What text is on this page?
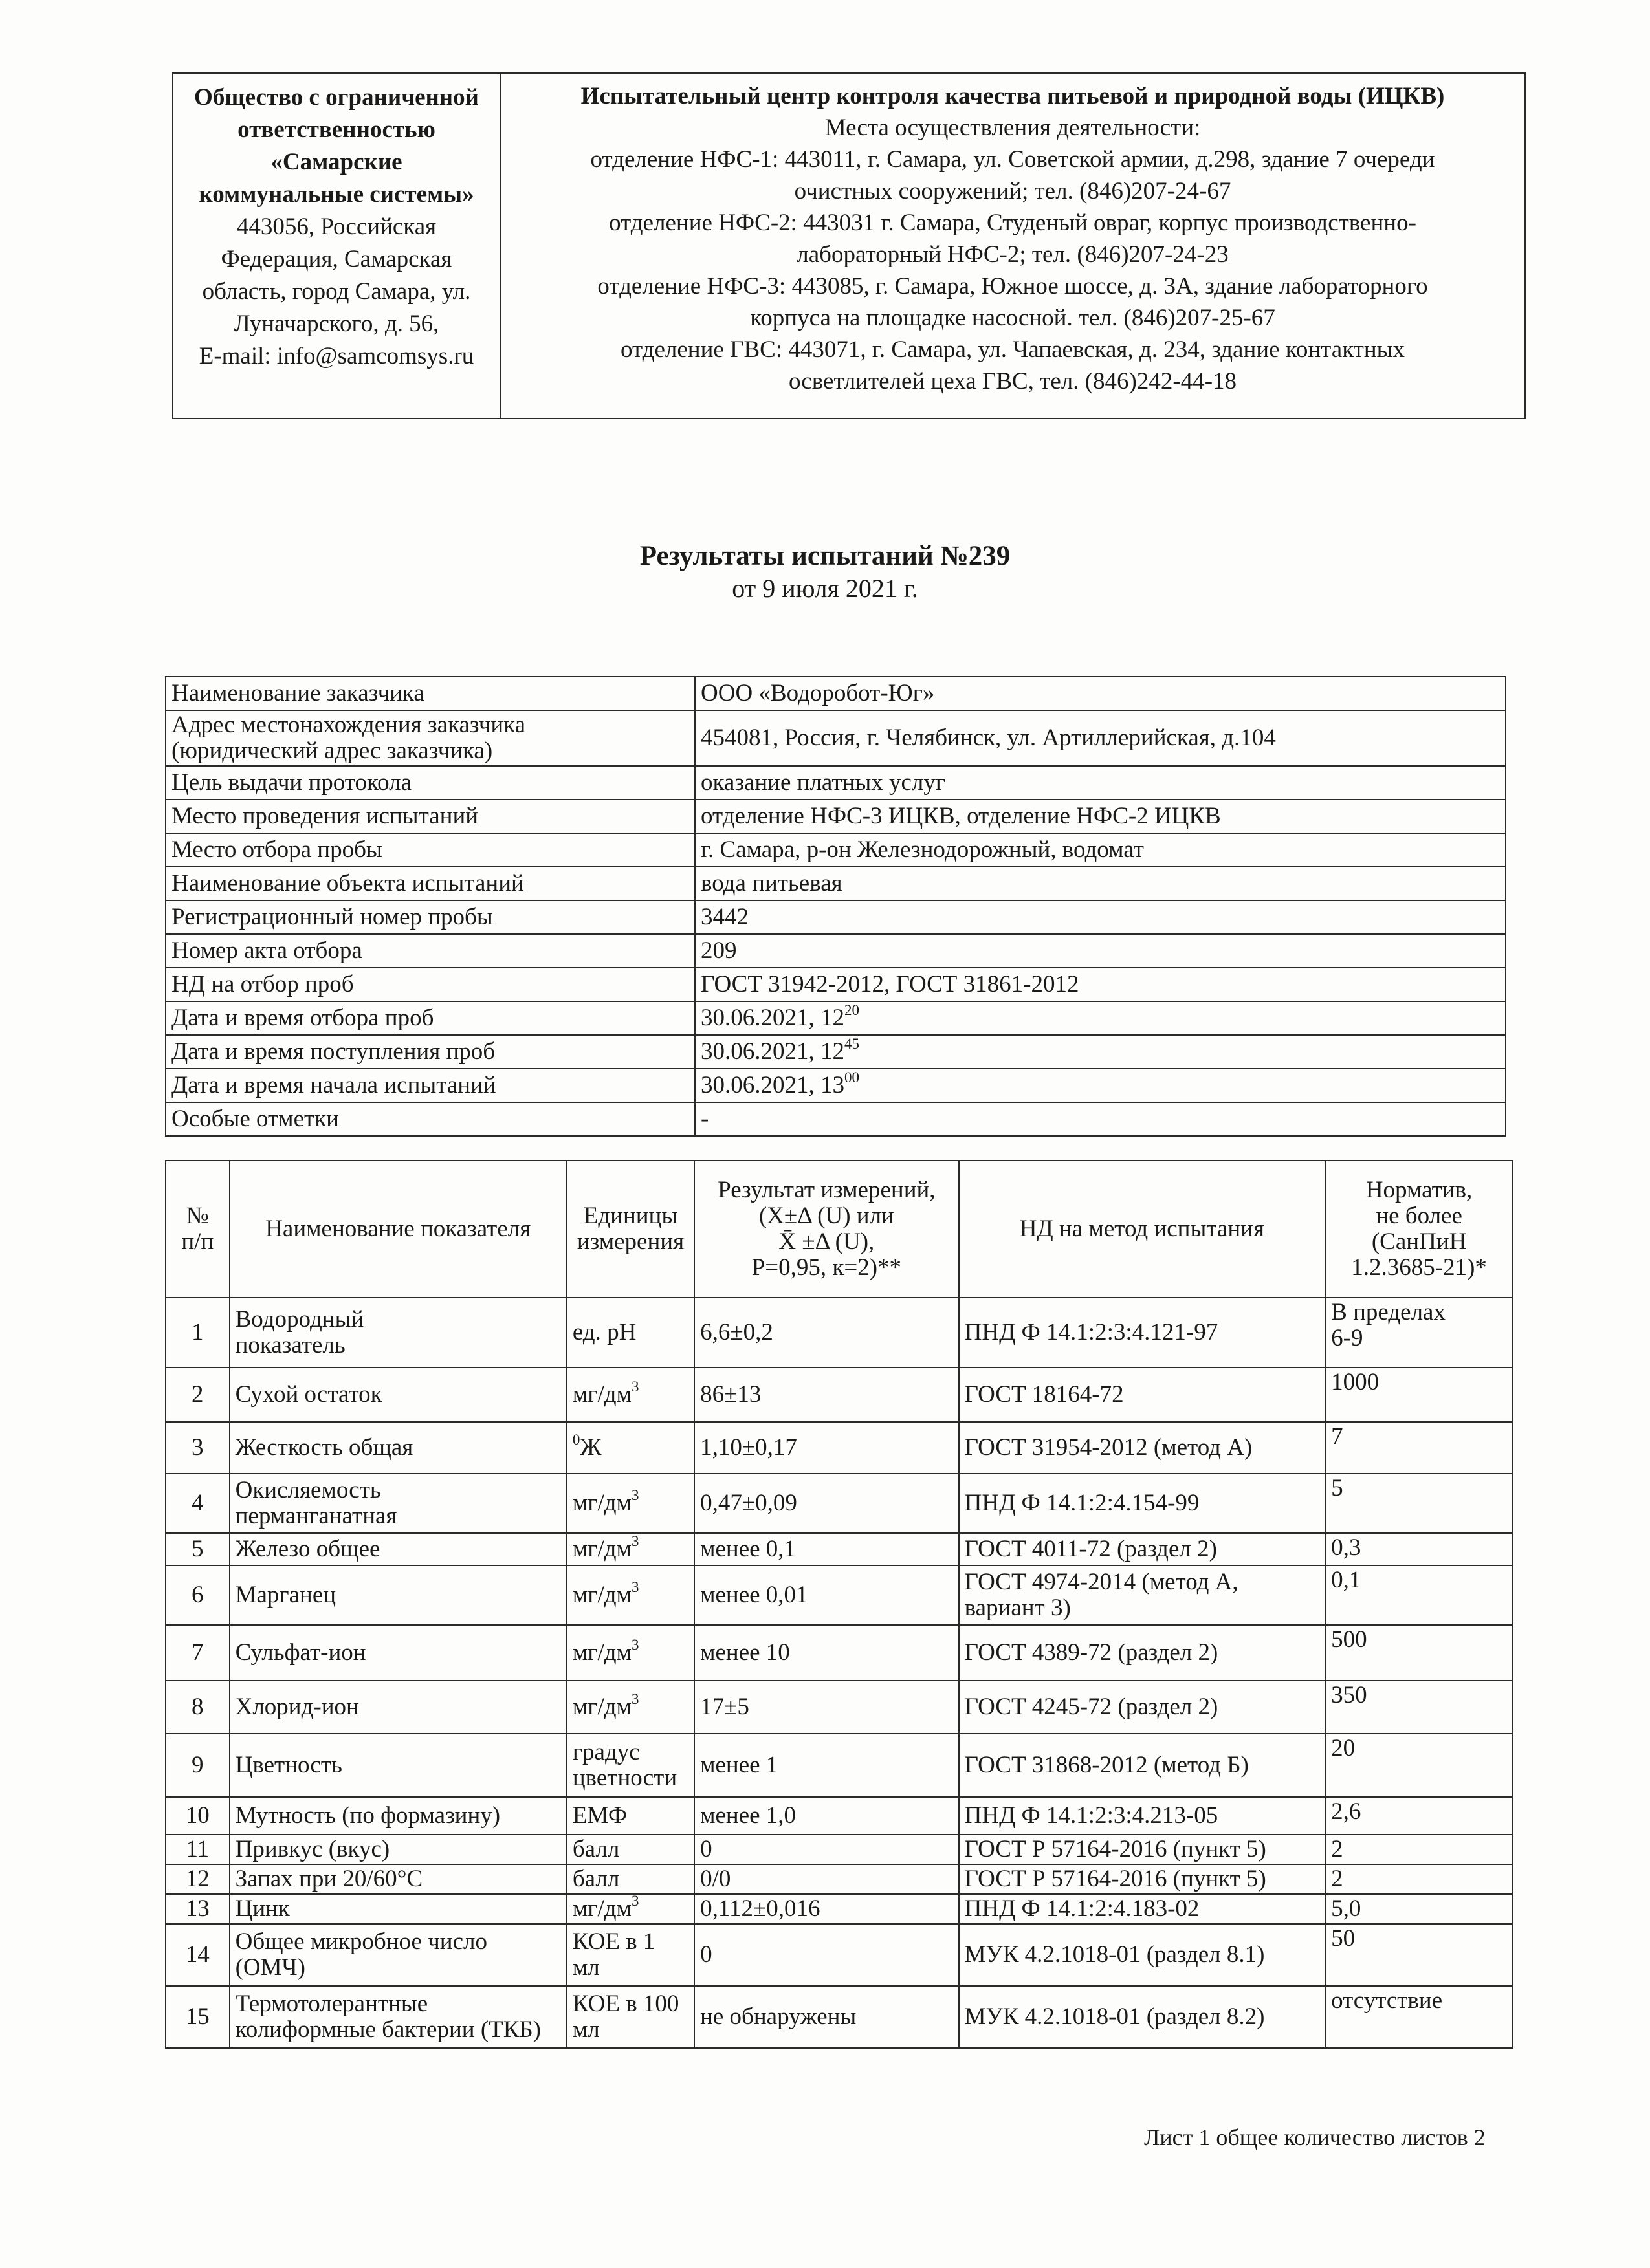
Общество с ограниченной
ответственностью
«Самарские
коммунальные системы»
443056, Российская
Федерация, Самарская
область, город Самара, ул.
Луначарского, д. 56,
E-mail: info@samcomsys.ru

Испытательный центр контроля качества питьевой и природной воды (ИЦКВ)
Места осуществления деятельности:
отделение НФС-1: 443011, г. Самара, ул. Советской армии, д.298, здание 7 очереди
очистных сооружений; тел. (846)207-24-67
отделение НФС-2: 443031 г. Самара, Студеный овраг, корпус производственно-
лабораторный НФС-2; тел. (846)207-24-23
отделение НФС-3: 443085, г. Самара, Южное шоссе, д. 3А, здание лабораторного
корпуса на площадке насосной. тел. (846)207-25-67
отделение ГВС: 443071, г. Самара, ул. Чапаевская, д. 234, здание контактных
осветлителей цеха ГВС, тел. (846)242-44-18
Результаты испытаний №239
от 9 июля 2021 г.
Наименование заказчика	ООО «Водоробот-Юг»
Адрес местонахождения заказчика
(юридический адрес заказчика)	454081, Россия, г. Челябинск, ул. Артиллерийская, д.104
Цель выдачи протокола	оказание платных услуг
Место проведения испытаний	отделение НФС-3 ИЦКВ, отделение НФС-2 ИЦКВ
Место отбора пробы	г. Самара, р-он Железнодорожный, водомат
Наименование объекта испытаний	вода питьевая
Регистрационный номер пробы	3442
Номер акта отбора	209
НД на отбор проб	ГОСТ 31942-2012, ГОСТ 31861-2012
Дата и время отбора проб	30.06.2021, $12^{20}$
Дата и время поступления проб	30.06.2021, $12^{45}$
Дата и время начала испытаний	30.06.2021, $13^{00}$
Особые отметки	-
№
п/п	Наименование показателя	Единицы
измерения	Результат измерений,
(Х±Δ (U) или
X̄ ±Δ (U),
Р=0,95, к=2)**	НД на метод испытания	Норматив,
не более
(СанПиН
1.2.3685-21)*
1	Водородный
показатель	ед. рН	6,6±0,2	ПНД Ф 14.1:2:3:4.121-97	В пределах
6-9
2	Сухой остаток	$мг/дм^3$	86±13	ГОСТ 18164-72	1000
3	Жесткость общая	$^0$Ж	1,10±0,17	ГОСТ 31954-2012 (метод А)	7
4	Окисляемость
перманганатная	$мг/дм^3$	0,47±0,09	ПНД Ф 14.1:2:4.154-99	5
5	Железо общее	$мг/дм^3$	менее 0,1	ГОСТ 4011-72 (раздел 2)	0,3
6	Марганец	$мг/дм^3$	менее 0,01	ГОСТ 4974-2014 (метод А,
вариант 3)	0,1
7	Сульфат-ион	$мг/дм^3$	менее 10	ГОСТ 4389-72 (раздел 2)	500
8	Хлорид-ион	$мг/дм^3$	17±5	ГОСТ 4245-72 (раздел 2)	350
9	Цветность	градус
цветности	менее 1	ГОСТ 31868-2012 (метод Б)	20
10	Мутность (по формазину)	ЕМФ	менее 1,0	ПНД Ф 14.1:2:3:4.213-05	2,6
11	Привкус (вкус)	балл	0	ГОСТ Р 57164-2016 (пункт 5)	2
12	Запах при 20/60°С	балл	0/0	ГОСТ Р 57164-2016 (пункт 5)	2
13	Цинк	$мг/дм^3$	0,112±0,016	ПНД Ф 14.1:2:4.183-02	5,0
14	Общее микробное число
(ОМЧ)	КОЕ в 1
мл	0	МУК 4.2.1018-01 (раздел 8.1)	50
15	Термотолерантные
колиформные бактерии (ТКБ)	КОЕ в 100
мл	не обнаружены	МУК 4.2.1018-01 (раздел 8.2)	отсутствие
Лист 1 общее количество листов 2
